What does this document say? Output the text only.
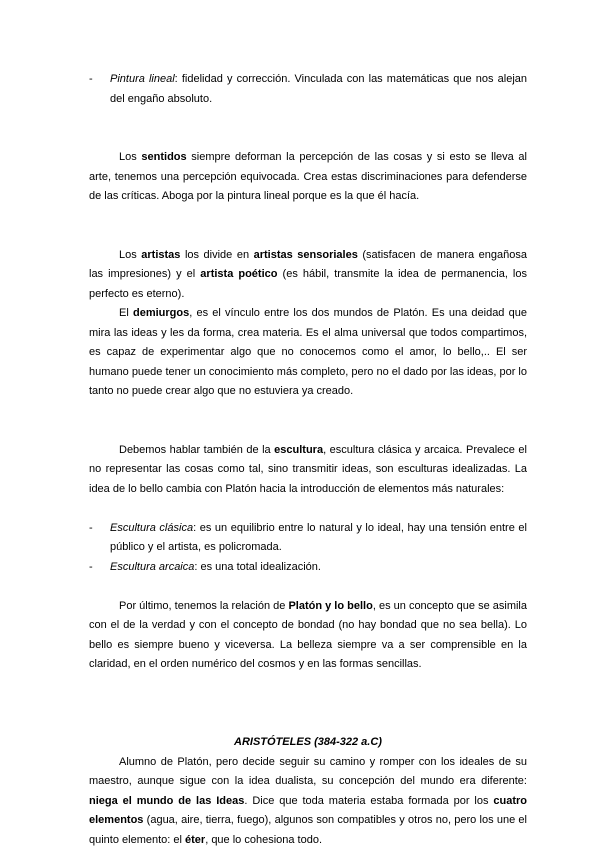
- Pintura lineal: fidelidad y corrección. Vinculada con las matemáticas que nos alejan del engaño absoluto.

Los sentidos siempre deforman la percepción de las cosas y si esto se lleva al arte, tenemos una percepción equivocada. Crea estas discriminaciones para defenderse de las críticas. Aboga por la pintura lineal porque es la que él hacía.

Los artistas los divide en artistas sensoriales (satisfacen de manera engañosa las impresiones) y el artista poético (es hábil, transmite la idea de permanencia, los perfecto es eterno).

El demiurgos, es el vínculo entre los dos mundos de Platón. Es una deidad que mira las ideas y les da forma, crea materia. Es el alma universal que todos compartimos, es capaz de experimentar algo que no conocemos como el amor, lo bello,.. El ser humano puede tener un conocimiento más completo, pero no el dado por las ideas, por lo tanto no puede crear algo que no estuviera ya creado.

Debemos hablar también de la escultura, escultura clásica y arcaica. Prevalece el no representar las cosas como tal, sino transmitir ideas, son esculturas idealizadas. La idea de lo bello cambia con Platón hacia la introducción de elementos más naturales:

- Escultura clásica: es un equilibrio entre lo natural y lo ideal, hay una tensión entre el público y el artista, es policromada.

- Escultura arcaica: es una total idealización.

Por último, tenemos la relación de Platón y lo bello, es un concepto que se asimila con el de la verdad y con el concepto de bondad (no hay bondad que no sea bella). Lo bello es siempre bueno y viceversa. La belleza siempre va a ser comprensible en la claridad, en el orden numérico del cosmos y en las formas sencillas.

ARISTÓTELES (384-322 a.C)

Alumno de Platón, pero decide seguir su camino y romper con los ideales de su maestro, aunque sigue con la idea dualista, su concepción del mundo era diferente: niega el mundo de las Ideas. Dice que toda materia estaba formada por los cuatro elementos (agua, aire, tierra, fuego), algunos son compatibles y otros no, pero los une el quinto elemento: el éter, que lo cohesiona todo.
